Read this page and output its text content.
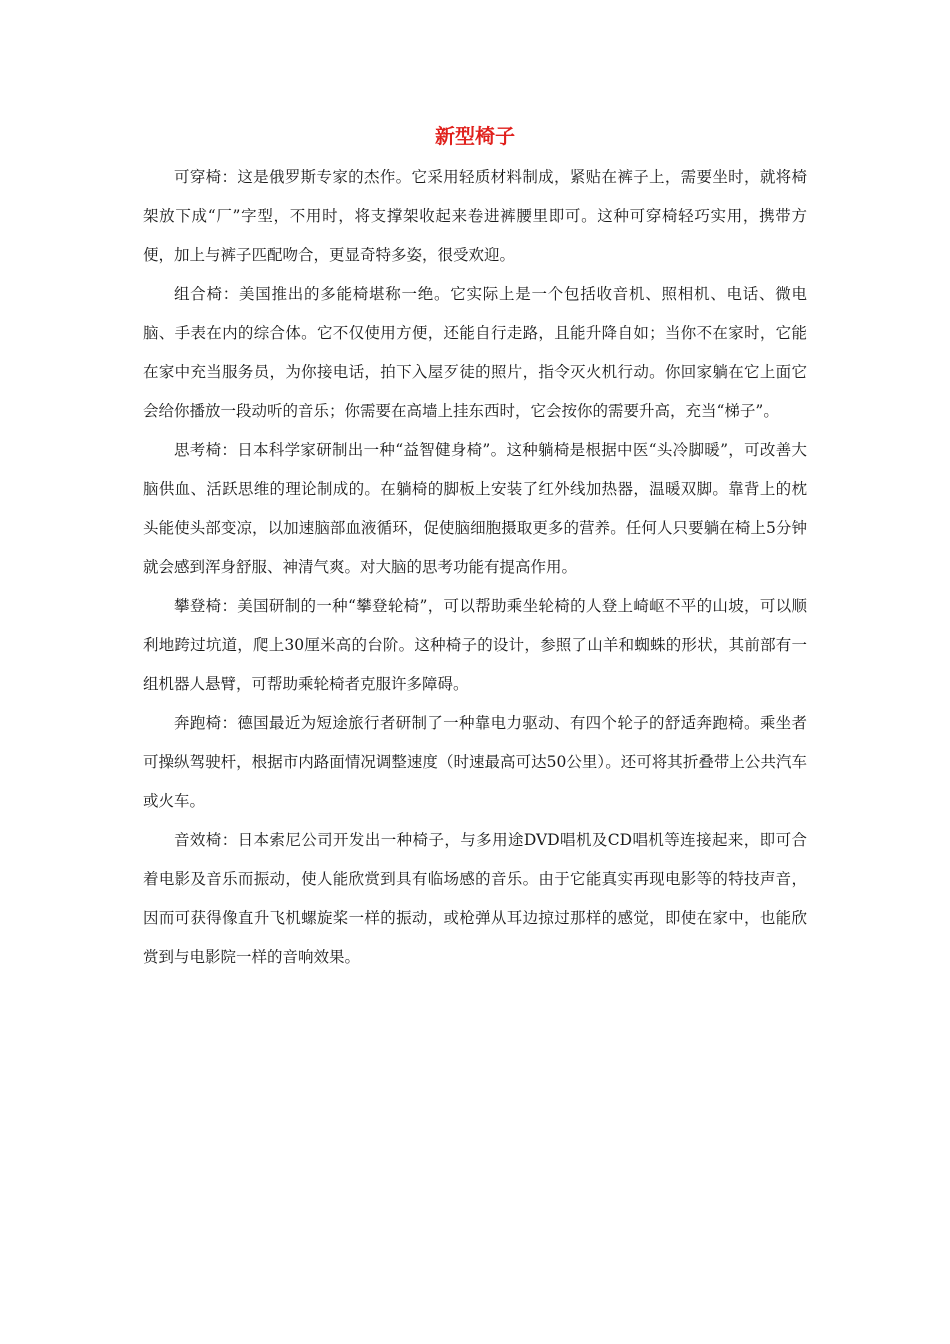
新型椅子

可穿椅：这是俄罗斯专家的杰作。它采用轻质材料制成，紧贴在裤子上，需要坐时，就将椅架放下成“厂”字型，不用时，将支撑架收起来卷进裤腰里即可。这种可穿椅轻巧实用，携带方便，加上与裤子匹配吻合，更显奇特多姿，很受欢迎。

组合椅：美国推出的多能椅堪称一绝。它实际上是一个包括收音机、照相机、电话、微电脑、手表在内的综合体。它不仅使用方便，还能自行走路，且能升降自如；当你不在家时，它能在家中充当服务员，为你接电话，拍下入屋歹徒的照片，指令灭火机行动。你回家躺在它上面它会给你播放一段动听的音乐；你需要在高墙上挂东西时，它会按你的需要升高，充当“梯子”。

思考椅：日本科学家研制出一种“益智健身椅”。这种躺椅是根据中医“头冷脚暖”，可改善大脑供血、活跃思维的理论制成的。在躺椅的脚板上安装了红外线加热器，温暖双脚。靠背上的枕头能使头部变凉，以加速脑部血液循环，促使脑细胞摄取更多的营养。任何人只要躺在椅上5分钟就会感到浑身舒服、神清气爽。对大脑的思考功能有提高作用。

攀登椅：美国研制的一种“攀登轮椅”，可以帮助乘坐轮椅的人登上崎岖不平的山坡，可以顺利地跨过坑道，爬上30厘米高的台阶。这种椅子的设计，参照了山羊和蜘蛛的形状，其前部有一组机器人悬臂，可帮助乘轮椅者克服许多障碍。

奔跑椅：德国最近为短途旅行者研制了一种靠电力驱动、有四个轮子的舒适奔跑椅。乘坐者可操纵驾驶杆，根据市内路面情况调整速度（时速最高可达50公里）。还可将其折叠带上公共汽车或火车。

音效椅：日本索尼公司开发出一种椅子，与多用途DVD唱机及CD唱机等连接起来，即可合着电影及音乐而振动，使人能欣赏到具有临场感的音乐。由于它能真实再现电影等的特技声音，因而可获得像直升飞机螺旋桨一样的振动，或枪弹从耳边掠过那样的感觉，即使在家中，也能欣赏到与电影院一样的音响效果。
